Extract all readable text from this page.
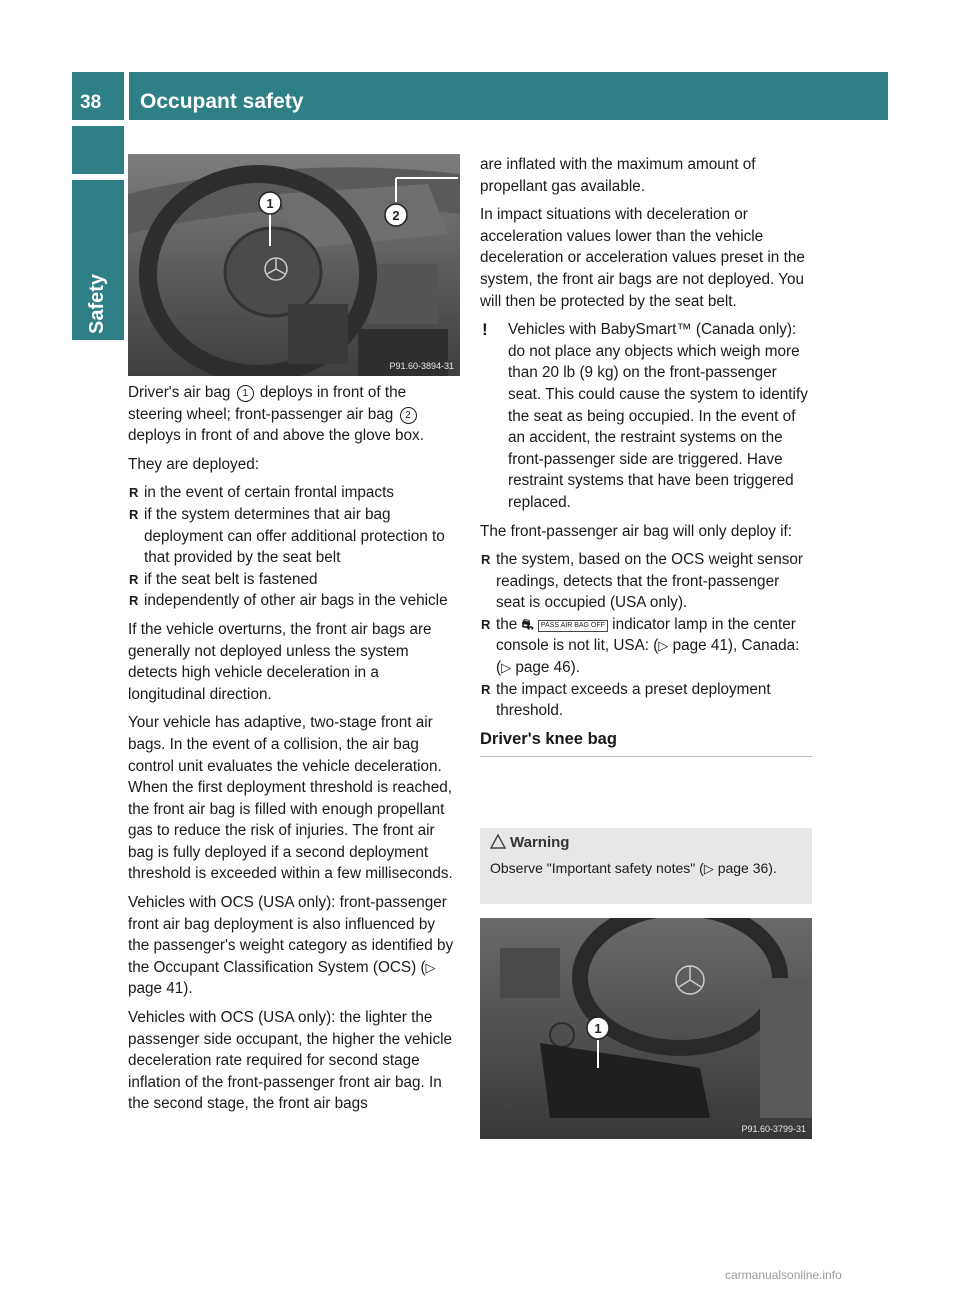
38 Occupant safety
Safety
1
2
P91.60-3894-31

Driver's air bag 1 deploys in front of the steering wheel; front-passenger air bag 2 deploys in front of and above the glove box.

They are deployed:

R in the event of certain frontal impacts
R if the system determines that air bag deployment can offer additional protection to that provided by the seat belt
R if the seat belt is fastened
R independently of other air bags in the vehicle

If the vehicle overturns, the front air bags are generally not deployed unless the system detects high vehicle deceleration in a longitudinal direction.

Your vehicle has adaptive, two-stage front air bags. In the event of a collision, the air bag control unit evaluates the vehicle deceleration. When the first deployment threshold is reached, the front air bag is filled with enough propellant gas to reduce the risk of injuries. The front air bag is fully deployed if a second deployment threshold is exceeded within a few milliseconds.

Vehicles with OCS (USA only): front-passenger front air bag deployment is also influenced by the passenger's weight category as identified by the Occupant Classification System (OCS) (▷ page 41).

Vehicles with OCS (USA only): the lighter the passenger side occupant, the higher the vehicle deceleration rate required for second stage inflation of the front-passenger front air bag. In the second stage, the front air bags

are inflated with the maximum amount of propellant gas available.

In impact situations with deceleration or acceleration values lower than the vehicle deceleration or acceleration values preset in the system, the front air bags are not deployed. You will then be protected by the seat belt.

! Vehicles with BabySmart™ (Canada only): do not place any objects which weigh more than 20 lb (9 kg) on the front-passenger seat. This could cause the system to identify the seat as being occupied. In the event of an accident, the restraint systems on the front-passenger side are triggered. Have restraint systems that have been triggered replaced.

The front-passenger air bag will only deploy if:

R the system, based on the OCS weight sensor readings, detects that the front-passenger seat is occupied (USA only).
R the ⛐ PASS AIR BAG OFF indicator lamp in the center console is not lit, USA: (▷ page 41), Canada: (▷ page 46).
R the impact exceeds a preset deployment threshold.
Driver's knee bag
Warning
Observe "Important safety notes" (▷ page 36).
1
P91.60-3799-31
carmanualsonline.info
